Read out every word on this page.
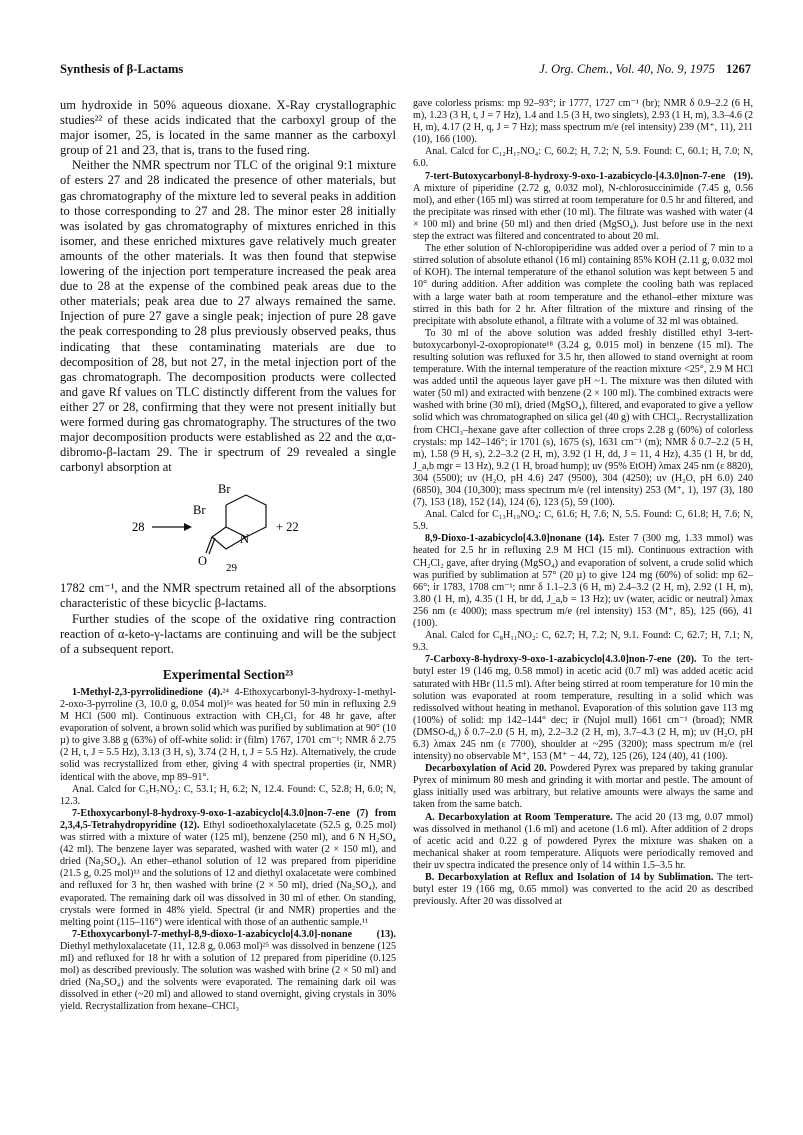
Synthesis of β-Lactams	J. Org. Chem., Vol. 40, No. 9, 1975 1267

um hydroxide in 50% aqueous dioxane. X-Ray crystallographic studies²² of these acids indicated that the carboxyl group of the major isomer, 25, is located in the same manner as the carboxyl group of 21 and 23, that is, trans to the fused ring.

Neither the NMR spectrum nor TLC of the original 9:1 mixture of esters 27 and 28 indicated the presence of other materials, but gas chromatography of the mixture led to several peaks in addition to those corresponding to 27 and 28. The minor ester 28 initially was isolated by gas chromatography of mixtures enriched in this isomer, and these enriched mixtures gave relatively much greater amounts of the other materials. It was then found that stepwise lowering of the injection port temperature increased the peak area due to 28 at the expense of the combined peak areas due to the other materials; peak area due to 27 always remained the same. Injection of pure 27 gave a single peak; injection of pure 28 gave the peak corresponding to 28 plus previously observed peaks, thus indicating that these contaminating materials are due to decomposition of 28, but not 27, in the metal injection port of the gas chromatograph. The decomposition products were collected and gave Rf values on TLC distinctly different from the values for either 27 or 28, confirming that they were not present initially but were formed during gas chromatography. The structures of the two major decomposition products were established as 22 and the α,α-dibromo-β-lactam 29. The ir spectrum of 29 revealed a single carbonyl absorption at

28
Br
Br
N
O
+ 22
29

1782 cm⁻¹, and the NMR spectrum retained all of the absorptions characteristic of these bicyclic β-lactams.

Further studies of the scope of the oxidative ring contraction reaction of α-keto-γ-lactams are continuing and will be the subject of a subsequent report.

Experimental Section²³

1-Methyl-2,3-pyrrolidinedione (4).²⁴ 4-Ethoxycarbonyl-3-hydroxy-1-methyl-2-oxo-3-pyrroline (3, 10.0 g, 0.054 mol)⁵ᵃ was heated for 50 min in refluxing 2.9 M HCl (500 ml). Continuous extraction with CH₂Cl₂ for 48 hr gave, after evaporation of solvent, a brown solid which was purified by sublimation at 90° (10 µ) to give 3.88 g (63%) of off-white solid: ir (film) 1767, 1701 cm⁻¹; NMR δ 2.75 (2 H, t, J = 5.5 Hz), 3.13 (3 H, s), 3.74 (2 H, t, J = 5.5 Hz). Alternatively, the crude solid was recrystallized from ether, giving 4 with spectral properties (ir, NMR) identical with the above, mp 89–91°.

Anal. Calcd for C₅H₇NO₂: C, 53.1; H, 6.2; N, 12.4. Found: C, 52.8; H, 6.0; N, 12.3.

7-Ethoxycarbonyl-8-hydroxy-9-oxo-1-azabicyclo[4.3.0]non-7-ene (7) from 2,3,4,5-Tetrahydropyridine (12). Ethyl sodioethoxalylacetate (52.5 g, 0.25 mol) was stirred with a mixture of water (125 ml), benzene (250 ml), and 6 N H₂SO₄ (42 ml). The benzene layer was separated, washed with water (2 × 150 ml), and dried (Na₂SO₄). An ether–ethanol solution of 12 was prepared from piperidine (21.5 g, 0.25 mol)¹³ and the solutions of 12 and diethyl oxalacetate were combined and refluxed for 3 hr, then washed with brine (2 × 50 ml), dried (Na₂SO₄), and evaporated. The remaining dark oil was dissolved in 30 ml of ether. On standing, crystals were formed in 48% yield. Spectral (ir and NMR) properties and the melting point (115–116°) were identical with those of an authentic sample.¹¹

7-Ethoxycarbonyl-7-methyl-8,9-dioxo-1-azabicyclo[4.3.0]-nonane (13). Diethyl methyloxalacetate (11, 12.8 g, 0.063 mol)²⁵ was dissolved in benzene (125 ml) and refluxed for 18 hr with a solution of 12 prepared from piperidine (0.125 mol) as described previously. The solution was washed with brine (2 × 50 ml) and dried (Na₂SO₄) and the solvents were evaporated. The remaining dark oil was dissolved in ether (~20 ml) and allowed to stand overnight, giving crystals in 30% yield. Recrystallization from hexane–CHCl₃

gave colorless prisms: mp 92–93°; ir 1777, 1727 cm⁻¹ (br); NMR δ 0.9–2.2 (6 H, m), 1.23 (3 H, t, J = 7 Hz), 1.4 and 1.5 (3 H, two singlets), 2.93 (1 H, m), 3.3–4.6 (2 H, m), 4.17 (2 H, q, J = 7 Hz); mass spectrum m/e (rel intensity) 239 (M⁺, 11), 211 (10), 166 (100).

Anal. Calcd for C₁₂H₁₇NO₄: C, 60.2; H, 7.2; N, 5.9. Found: C, 60.1; H, 7.0; N, 6.0.

7-tert-Butoxycarbonyl-8-hydroxy-9-oxo-1-azabicyclo-[4.3.0]non-7-ene (19). A mixture of piperidine (2.72 g, 0.032 mol), N-chlorosuccinimide (7.45 g, 0.56 mol), and ether (165 ml) was stirred at room temperature for 0.5 hr and filtered, and the precipitate was rinsed with ether (10 ml). The filtrate was washed with water (4 × 100 ml) and brine (50 ml) and then dried (MgSO₄). Just before use in the next step the extract was filtered and concentrated to about 20 ml.

The ether solution of N-chloropiperidine was added over a period of 7 min to a stirred solution of absolute ethanol (16 ml) containing 85% KOH (2.11 g, 0.032 mol of KOH). The internal temperature of the ethanol solution was kept between 5 and 10° during addition. After addition was complete the cooling bath was replaced with a large water bath at room temperature and the ethanol–ether mixture was stirred in this bath for 2 hr. After filtration of the mixture and rinsing of the precipitate with absolute ethanol, a filtrate with a volume of 32 ml was obtained.

To 30 ml of the above solution was added freshly distilled ethyl 3-tert-butoxycarbonyl-2-oxopropionate¹⁸ (3.24 g, 0.015 mol) in benzene (15 ml). The resulting solution was refluxed for 3.5 hr, then allowed to stand overnight at room temperature. With the internal temperature of the reaction mixture <25°, 2.9 M HCl was added until the aqueous layer gave pH ~1. The mixture was then diluted with water (50 ml) and extracted with benzene (2 × 100 ml). The combined extracts were washed with brine (30 ml), dried (MgSO₄), filtered, and evaporated to give a yellow solid which was chromatographed on silica gel (40 g) with CHCl₃. Recrystallization from CHCl₃–hexane gave after collection of three crops 2.28 g (60%) of colorless crystals: mp 142–146°; ir 1701 (s), 1675 (s), 1631 cm⁻¹ (m); NMR δ 0.7–2.2 (5 H, m), 1.58 (9 H, s), 2.2–3.2 (2 H, m), 3.92 (1 H, dd, J = 11, 4 Hz), 4.35 (1 H, br dd, J_a,b mgr = 13 Hz), 9.2 (1 H, broad hump); uv (95% EtOH) λmax 245 nm (ε 8820), 304 (5500); uv (H₂O, pH 4.6) 247 (9500), 304 (4250); uv (H₂O, pH 6.0) 240 (6850), 304 (10,300); mass spectrum m/e (rel intensity) 253 (M⁺, 1), 197 (3), 180 (7), 153 (18), 152 (14), 124 (6), 123 (5), 59 (100).

Anal. Calcd for C₁₃H₁₉NO₄: C, 61.6; H, 7.6; N, 5.5. Found: C, 61.8; H, 7.6; N, 5.9.

8,9-Dioxo-1-azabicyclo[4.3.0]nonane (14). Ester 7 (300 mg, 1.33 mmol) was heated for 2.5 hr in refluxing 2.9 M HCl (15 ml). Continuous extraction with CH₂Cl₂ gave, after drying (MgSO₄) and evaporation of solvent, a crude solid which was purified by sublimation at 57° (20 µ) to give 124 mg (60%) of solid: mp 62–66°; ir 1783, 1708 cm⁻¹; nmr δ 1.1–2.3 (6 H, m) 2.4–3.2 (2 H, m), 2.92 (1 H, m), 3.80 (1 H, m), 4.35 (1 H, br dd, J_a,b = 13 Hz); uv (water, acidic or neutral) λmax 256 nm (ε 4000); mass spectrum m/e (rel intensity) 153 (M⁺, 85), 125 (66), 41 (100).

Anal. Calcd for C₈H₁₁NO₂: C, 62.7; H, 7.2; N, 9.1. Found: C, 62.7; H, 7.1; N, 9.3.

7-Carboxy-8-hydroxy-9-oxo-1-azabicyclo[4.3.0]non-7-ene (20). To the tert-butyl ester 19 (146 mg, 0.58 mmol) in acetic acid (0.7 ml) was added acetic acid saturated with HBr (11.5 ml). After being stirred at room temperature for 10 min the solution was evaporated at room temperature, resulting in a solid which was redissolved without heating in methanol. Evaporation of this solution gave 113 mg (100%) of solid: mp 142–144° dec; ir (Nujol mull) 1661 cm⁻¹ (broad); NMR (DMSO-d₆) δ 0.7–2.0 (5 H, m), 2.2–3.2 (2 H, m), 3.7–4.3 (2 H, m); uv (H₂O, pH 6.3) λmax 245 nm (ε 7700), shoulder at ~295 (3200); mass spectrum m/e (rel intensity) no observable M⁺, 153 (M⁺ − 44, 72), 125 (26), 124 (40), 41 (100).

Decarboxylation of Acid 20. Powdered Pyrex was prepared by taking granular Pyrex of minimum 80 mesh and grinding it with mortar and pestle. The amount of glass initially used was arbitrary, but relative amounts were always the same and taken from the same batch.

A. Decarboxylation at Room Temperature. The acid 20 (13 mg, 0.07 mmol) was dissolved in methanol (1.6 ml) and acetone (1.6 ml). After addition of 2 drops of acetic acid and 0.22 g of powdered Pyrex the mixture was shaken on a mechanical shaker at room temperature. Aliquots were periodically removed and their uv spectra indicated the presence only of 14 within 1.5–3.5 hr.

B. Decarboxylation at Reflux and Isolation of 14 by Sublimation. The tert-butyl ester 19 (166 mg, 0.65 mmol) was converted to the acid 20 as described previously. After 20 was dissolved at
